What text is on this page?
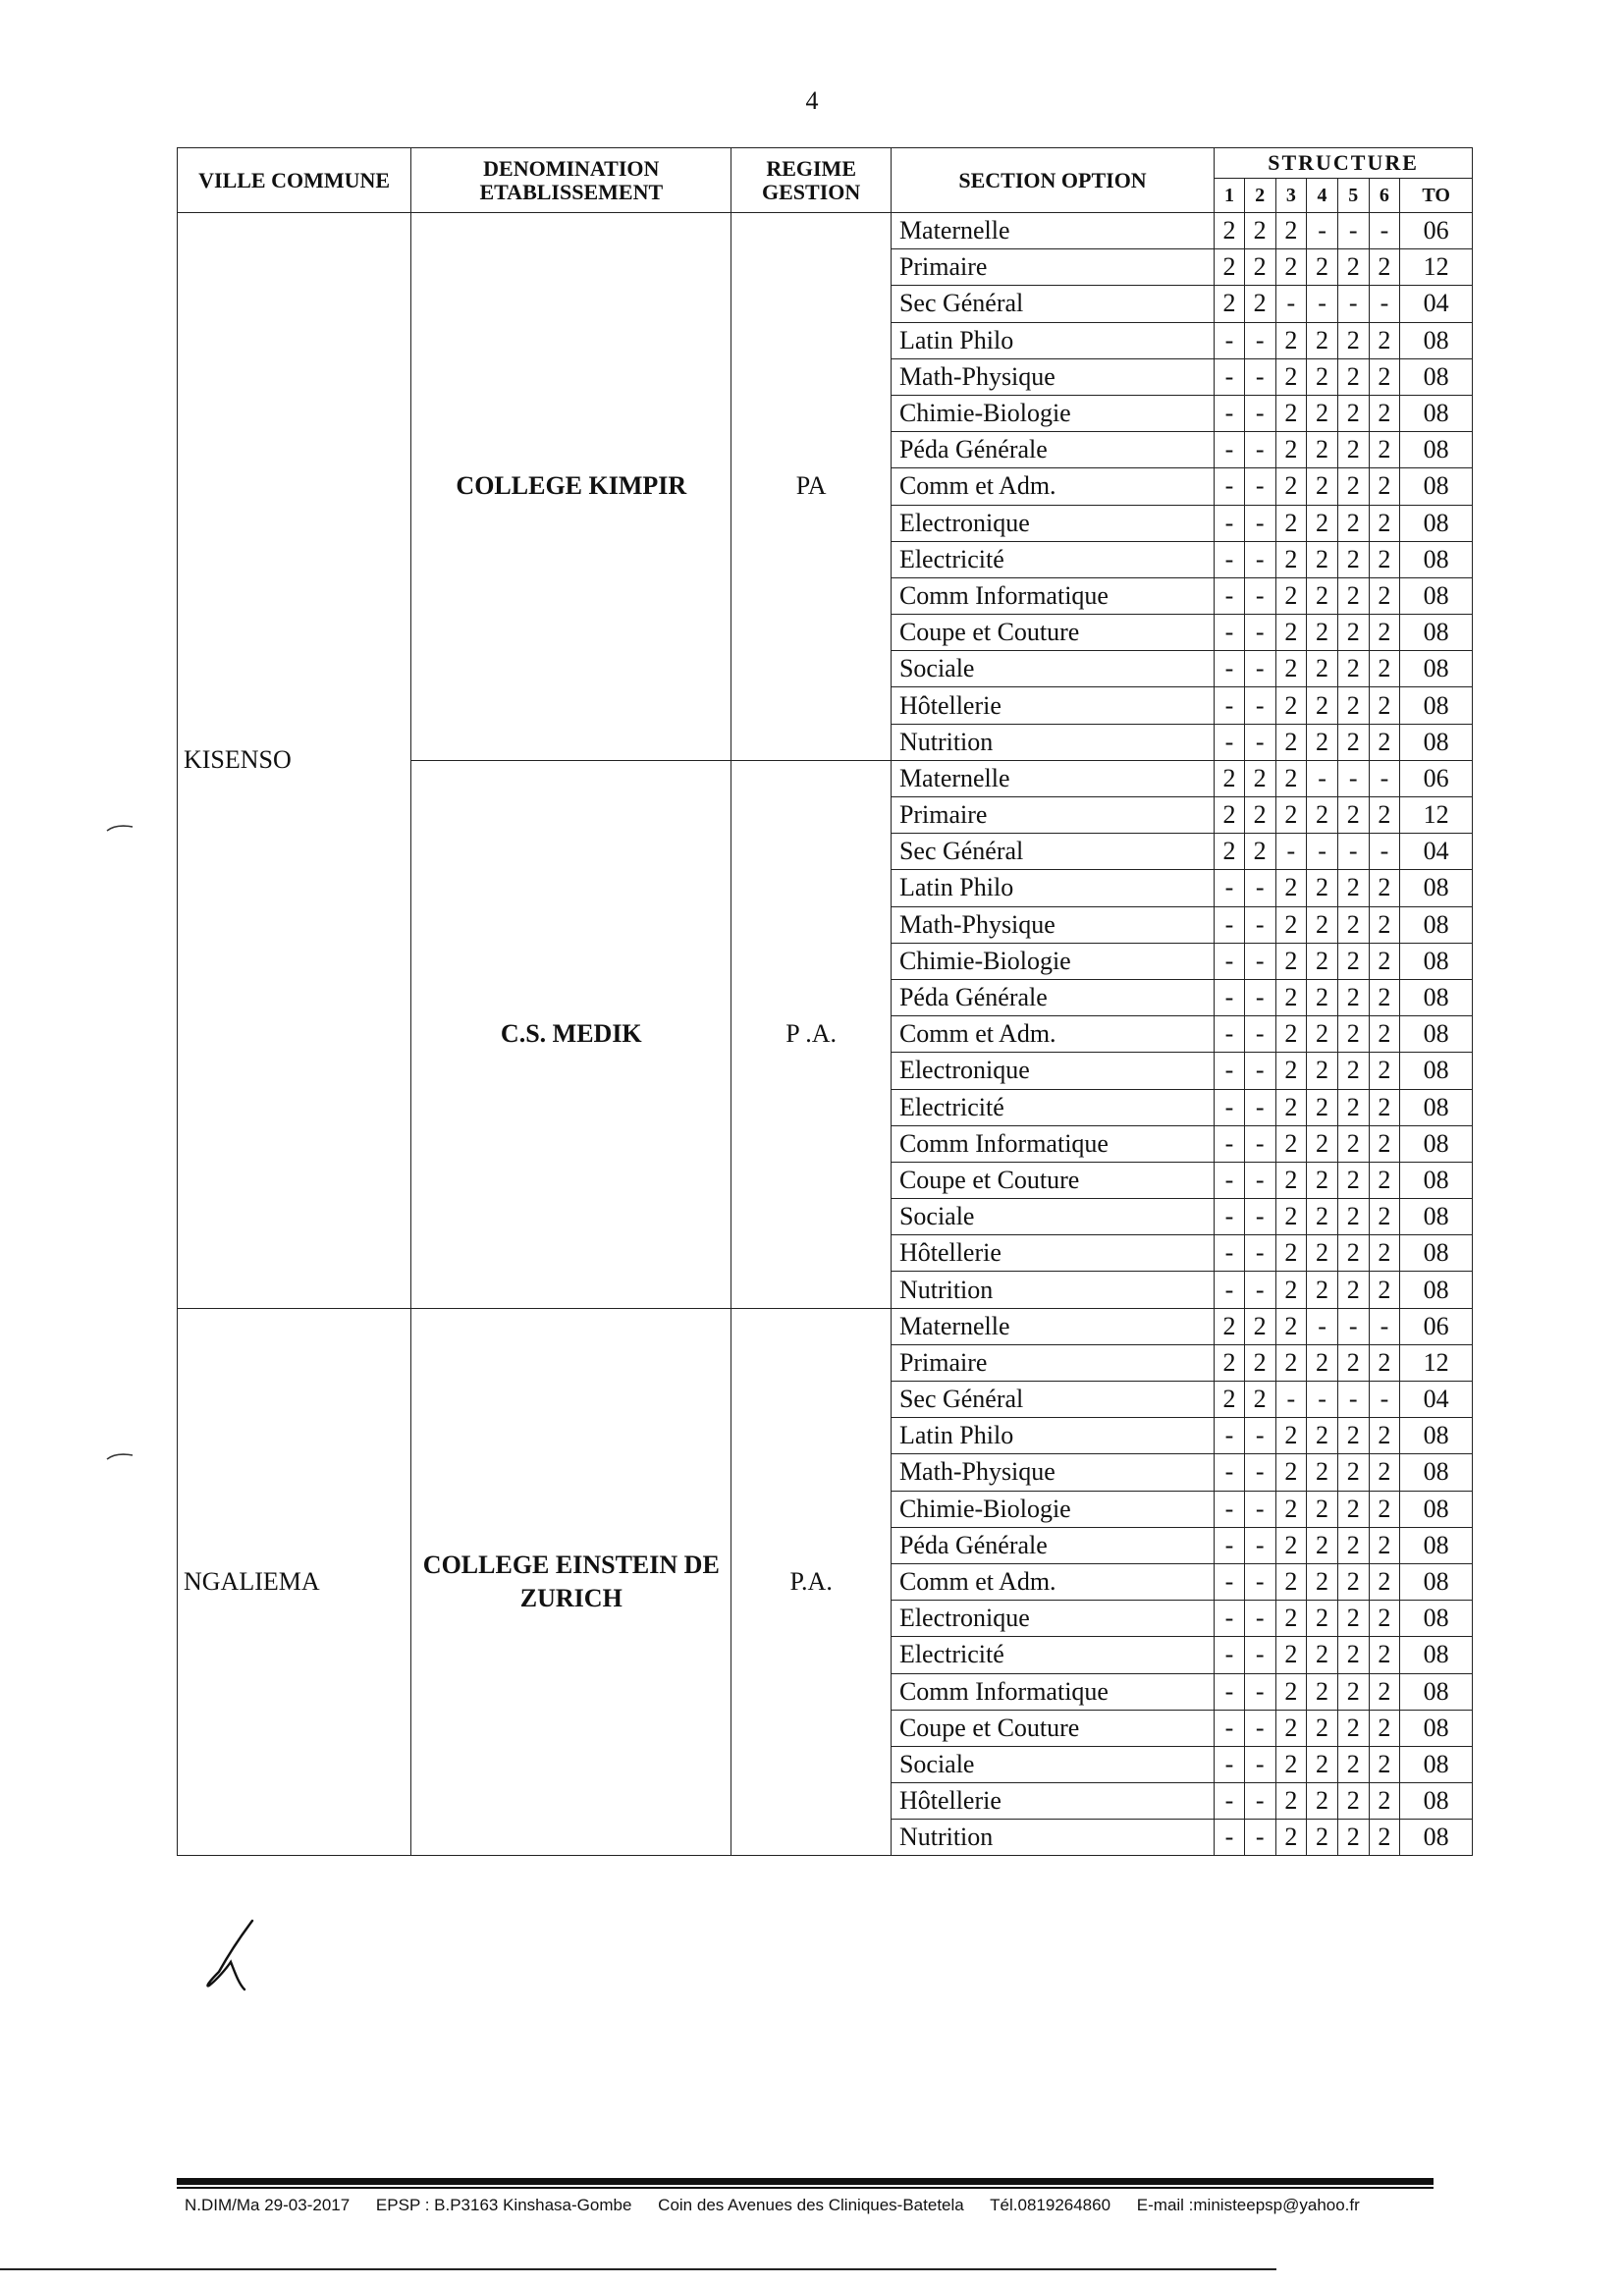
4
VILLE COMMUNE	DENOMINATION ETABLISSEMENT	REGIME GESTION	SECTION OPTION	STRUCTURE						
				1	2	3	4	5	6	TO
KISENSO	COLLEGE KIMPIR	PA	Maternelle	2	2	2	-	-	-	06
			Primaire	2	2	2	2	2	2	12
			Sec Général	2	2	-	-	-	-	04
			Latin Philo	-	-	2	2	2	2	08
			Math-Physique	-	-	2	2	2	2	08
			Chimie-Biologie	-	-	2	2	2	2	08
			Péda Générale	-	-	2	2	2	2	08
			Comm et Adm.	-	-	2	2	2	2	08
			Electronique	-	-	2	2	2	2	08
			Electricité	-	-	2	2	2	2	08
			Comm Informatique	-	-	2	2	2	2	08
			Coupe et Couture	-	-	2	2	2	2	08
			Sociale	-	-	2	2	2	2	08
			Hôtellerie	-	-	2	2	2	2	08
			Nutrition	-	-	2	2	2	2	08
	C.S. MEDIK	P .A.	Maternelle	2	2	2	-	-	-	06
			Primaire	2	2	2	2	2	2	12
			Sec Général	2	2	-	-	-	-	04
			Latin Philo	-	-	2	2	2	2	08
			Math-Physique	-	-	2	2	2	2	08
			Chimie-Biologie	-	-	2	2	2	2	08
			Péda Générale	-	-	2	2	2	2	08
			Comm et Adm.	-	-	2	2	2	2	08
			Electronique	-	-	2	2	2	2	08
			Electricité	-	-	2	2	2	2	08
			Comm Informatique	-	-	2	2	2	2	08
			Coupe et Couture	-	-	2	2	2	2	08
			Sociale	-	-	2	2	2	2	08
			Hôtellerie	-	-	2	2	2	2	08
			Nutrition	-	-	2	2	2	2	08
NGALIEMA	COLLEGE EINSTEIN DE ZURICH	P.A.	Maternelle	2	2	2	-	-	-	06
			Primaire	2	2	2	2	2	2	12
			Sec Général	2	2	-	-	-	-	04
			Latin Philo	-	-	2	2	2	2	08
			Math-Physique	-	-	2	2	2	2	08
			Chimie-Biologie	-	-	2	2	2	2	08
			Péda Générale	-	-	2	2	2	2	08
			Comm et Adm.	-	-	2	2	2	2	08
			Electronique	-	-	2	2	2	2	08
			Electricité	-	-	2	2	2	2	08
			Comm Informatique	-	-	2	2	2	2	08
			Coupe et Couture	-	-	2	2	2	2	08
			Sociale	-	-	2	2	2	2	08
			Hôtellerie	-	-	2	2	2	2	08
			Nutrition	-	-	2	2	2	2	08
N.DIM/Ma 29-03-2017 EPSP : B.P3163 Kinshasa-Gombe Coin des Avenues des Cliniques-Batetela Tél.0819264860 E-mail :ministeepsp@yahoo.fr
